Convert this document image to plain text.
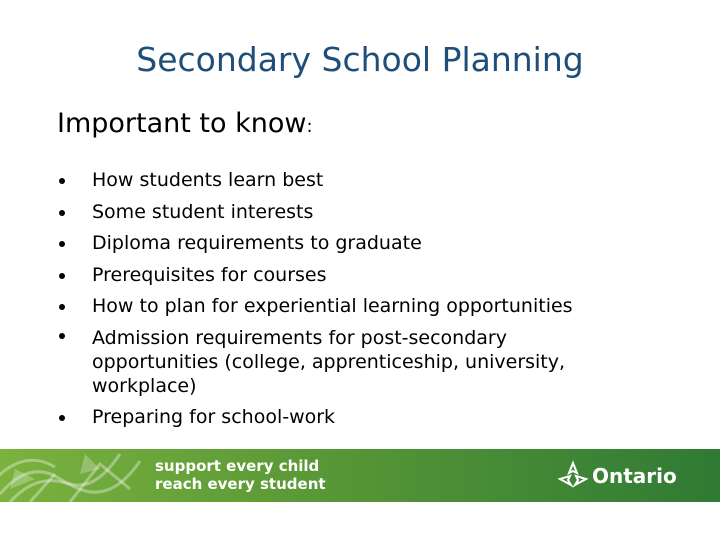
Secondary School Planning
Important to know:
How students learn best
Some student interests
Diploma requirements to graduate
Prerequisites for courses
How to plan for experiential learning opportunities
Admission requirements for post-secondary opportunities (college, apprenticeship, university, workplace)
Preparing for school-work
support every child
reach every student	Ontario
